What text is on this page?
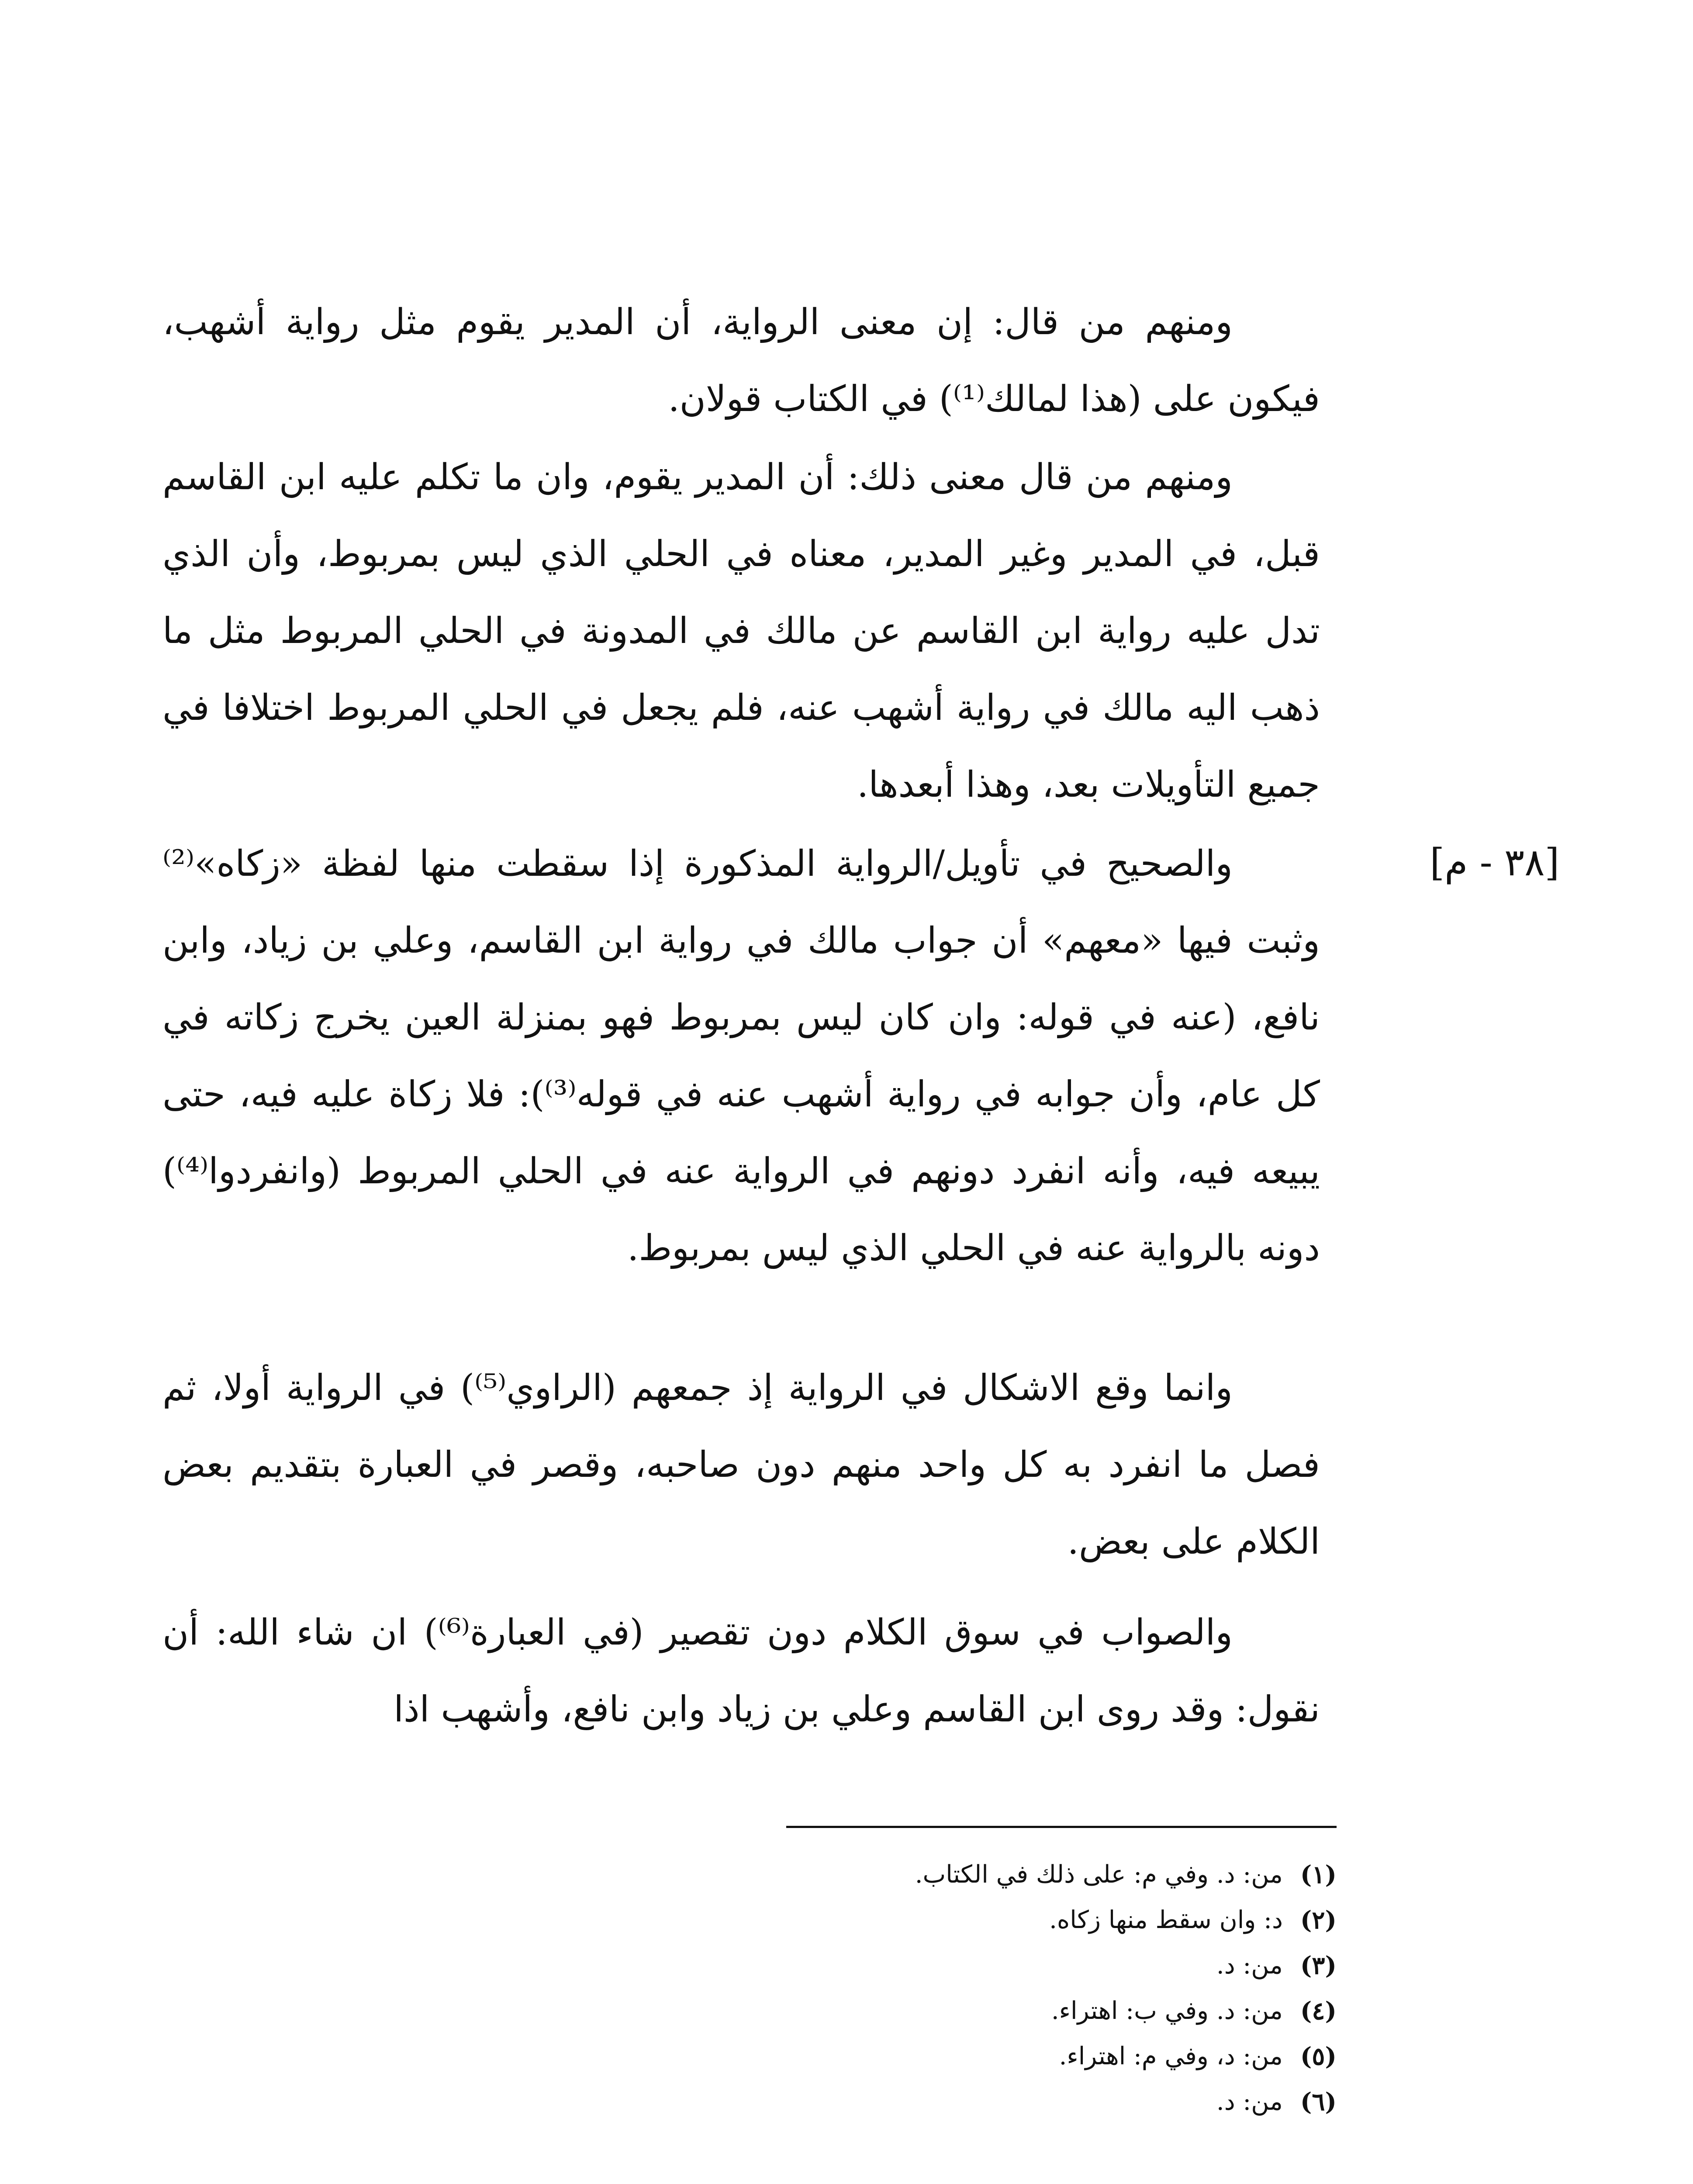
[٣٨ - م]

ومنهم من قال: إن معنى الرواية، أن المدير يقوم مثل رواية أشهب، فيكون على (هذا لمالك⁽¹⁾) في الكتاب قولان.

ومنهم من قال معنى ذلك: أن المدير يقوم، وان ما تكلم عليه ابن القاسم قبل، في المدير وغير المدير، معناه في الحلي الذي ليس بمربوط، وأن الذي تدل عليه رواية ابن القاسم عن مالك في المدونة في الحلي المربوط مثل ما ذهب اليه مالك في رواية أشهب عنه، فلم يجعل في الحلي المربوط اختلافا في جميع التأويلات بعد، وهذا أبعدها.

والصحيح في تأويل/الرواية المذكورة إذا سقطت منها لفظة «زكاه»⁽²⁾ وثبت فيها «معهم» أن جواب مالك في رواية ابن القاسم، وعلي بن زياد، وابن نافع، (عنه في قوله: وان كان ليس بمربوط فهو بمنزلة العين يخرج زكاته في كل عام، وأن جوابه في رواية أشهب عنه في قوله⁽³⁾): فلا زكاة عليه فيه، حتى يبيعه فيه، وأنه انفرد دونهم في الرواية عنه في الحلي المربوط (وانفردوا⁽⁴⁾) دونه بالرواية عنه في الحلي الذي ليس بمربوط.

وانما وقع الاشكال في الرواية إذ جمعهم (الراوي⁽⁵⁾) في الرواية أولا، ثم فصل ما انفرد به كل واحد منهم دون صاحبه، وقصر في العبارة بتقديم بعض الكلام على بعض.

والصواب في سوق الكلام دون تقصير (في العبارة⁽⁶⁾) ان شاء الله: أن نقول: وقد روى ابن القاسم وعلي بن زياد وابن نافع، وأشهب اذا

(١)
من: د. وفي م: على ذلك في الكتاب.
(٢)
د: وان سقط منها زكاه.
(٣)
من: د.
(٤)
من: د. وفي ب: اهتراء.
(٥)
من: د، وفي م: اهتراء.
(٦)
من: د.
